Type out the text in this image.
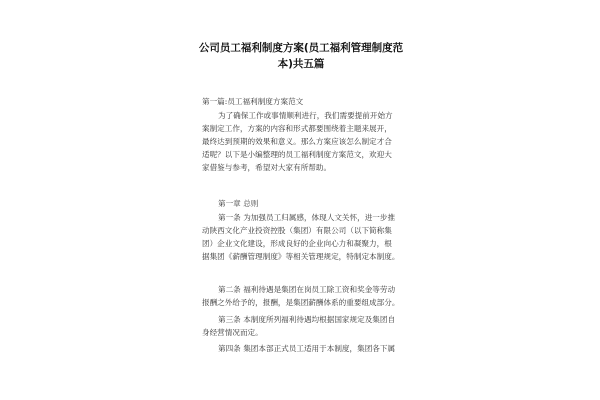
公司员工福利制度方案(员工福利管理制度范本)共五篇
第一篇:员工福利制度方案范文
为了确保工作或事情顺利进行，我们需要提前开始方
案制定工作，方案的内容和形式都要围绕着主题来展开，
最终达到预期的效果和意义。那么方案应该怎么制定才合
适呢？以下是小编整理的员工福利制度方案范文，欢迎大
家借鉴与参考，希望对大家有所帮助。
第一章 总则
第一条 为加强员工归属感，体现人文关怀，进一步推
动陕西文化产业投资控股（集团）有限公司（以下简称集
团）企业文化建设，形成良好的企业向心力和凝聚力，根
据集团《薪酬管理制度》等相关管理规定，特制定本制度。
第二条 福利待遇是集团在岗员工除工资和奖金等劳动
报酬之外给予的，报酬，是集团薪酬体系的重要组成部分。
第三条 本制度所列福利待遇均根据国家规定及集团自
身经营情况而定。
第四条 集团本部正式员工适用于本制度，集团各下属
